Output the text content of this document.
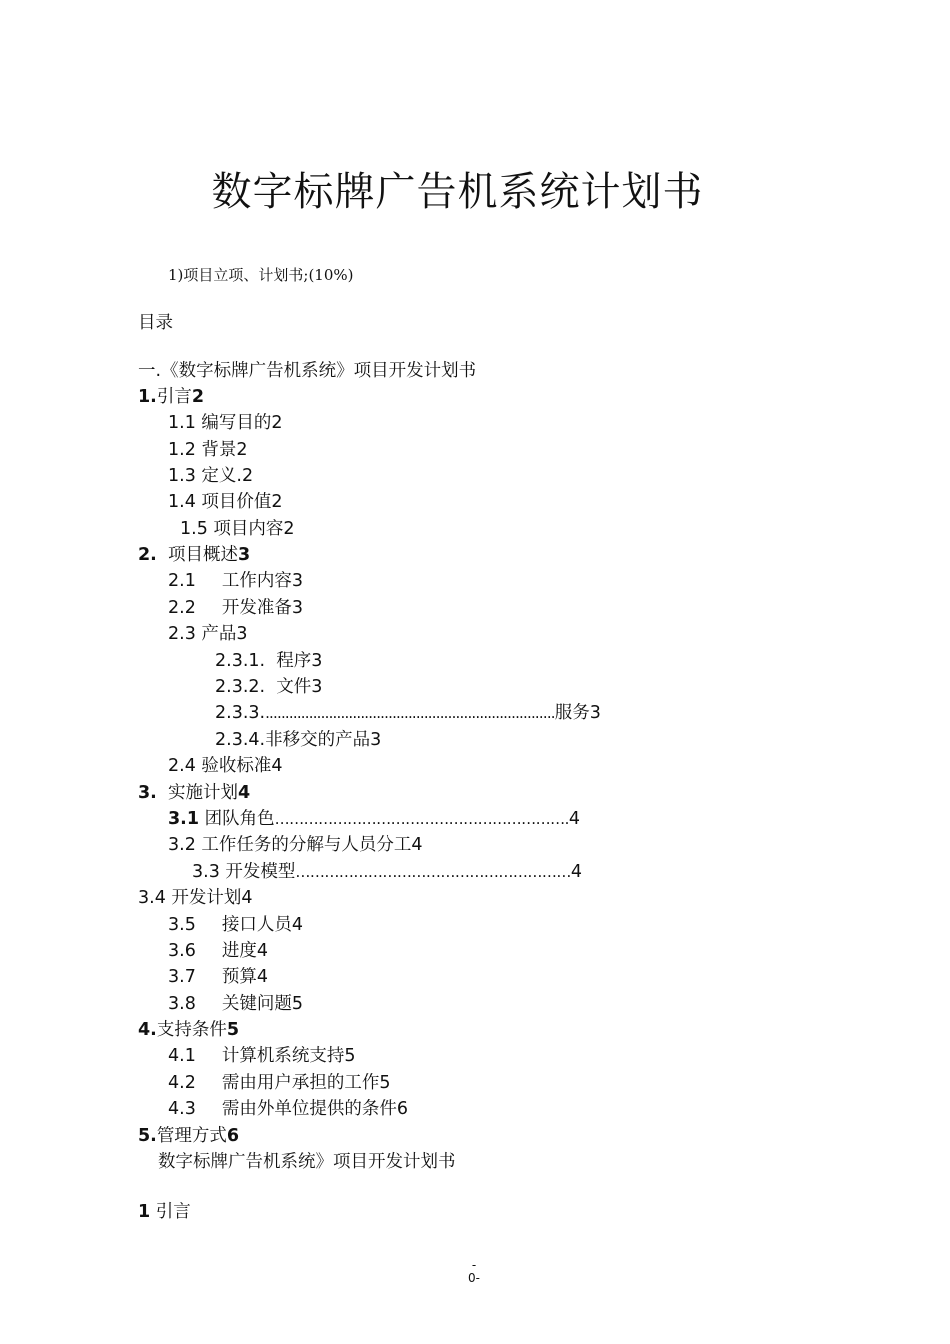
数字标牌广告机系统计划书
1)项目立项、计划书;(10%)
目录
一.《数字标牌广告机系统》项目开发计划书
1.引言2
1.1 编写目的2
1.2 背景2
1.3 定义.2
1.4 项目价值2
1.5 项目内容2
2. 项目概述3
2.1 工作内容3
2.2 开发准备3
2.3 产品3
2.3.1. 程序3
2.3.2. 文件3
2.3.3..........................................................................服务3
2.3.4.非移交的产品3
2.4 验收标准4
3. 实施计划4
3.1 团队角色…………………………………………………….4
3.2 工作任务的分解与人员分工4
3.3 开发模型…………………………………………………4
3.4 开发计划4
3.5 接口人员4
3.6 进度4
3.7 预算4
3.8 关键问题5
4.支持条件5
4.1 计算机系统支持5
4.2 需由用户承担的工作5
4.3 需由外单位提供的条件6
5.管理方式6
数字标牌广告机系统》项目开发计划书
1 引言
-
0-
